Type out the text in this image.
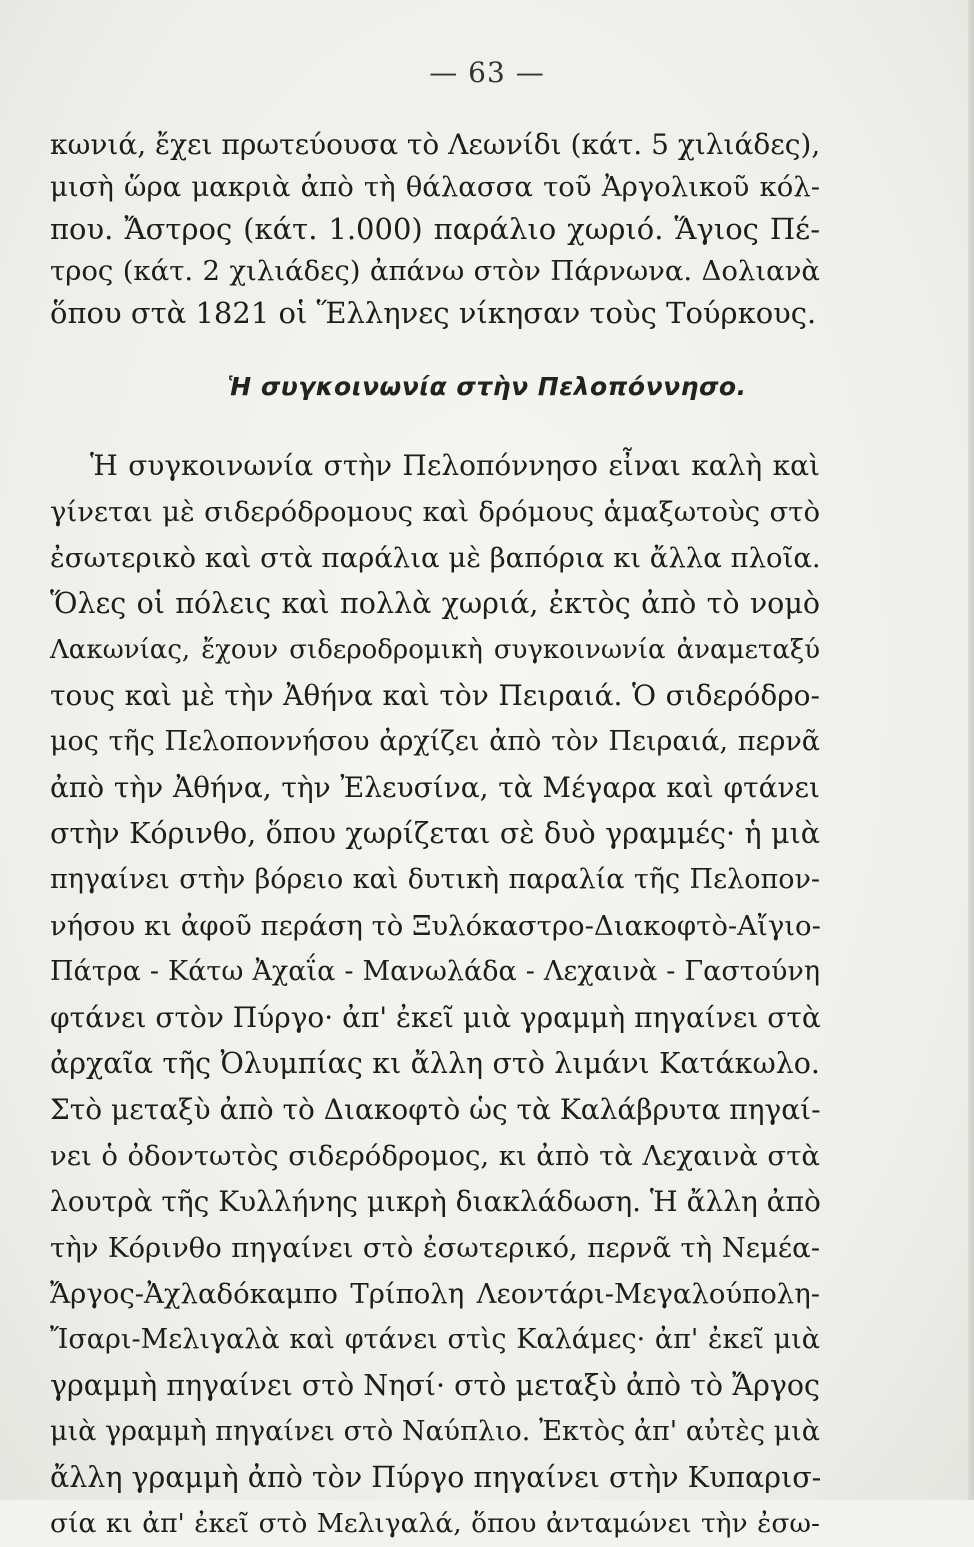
— 63 —
κωνιά, ἔχει πρωτεύουσα τὸ Λεωνίδι (κάτ. 5 χιλιάδες),
μισὴ ὥρα μακριὰ ἀπὸ τὴ θάλασσα τοῦ Ἀργολικοῦ κόλ-
που. Ἄστρος (κάτ. 1.000) παράλιο χωριό. Ἅγιος Πέ-
τρος (κάτ. 2 χιλιάδες) ἀπάνω στὸν Πάρνωνα. Δολιανὰ
ὅπου στὰ 1821 οἱ Ἕλληνες νίκησαν τοὺς Τούρκους.
Ἡ συγκοινωνία στὴν Πελοπόννησο.
Ἡ συγκοινωνία στὴν Πελοπόννησο εἶναι καλὴ καὶ
γίνεται μὲ σιδερόδρομους καὶ δρόμους ἁμαξωτοὺς στὸ
ἐσωτερικὸ καὶ στὰ παράλια μὲ βαπόρια κι ἄλλα πλοῖα.
Ὅλες οἱ πόλεις καὶ πολλὰ χωριά, ἐκτὸς ἀπὸ τὸ νομὸ
Λακωνίας, ἔχουν σιδεροδρομικὴ συγκοινωνία ἀναμεταξύ
τους καὶ μὲ τὴν Ἀθήνα καὶ τὸν Πειραιά. Ὁ σιδερόδρο-
μος τῆς Πελοποννήσου ἀρχίζει ἀπὸ τὸν Πειραιά, περνᾶ
ἀπὸ τὴν Ἀθήνα, τὴν Ἐλευσίνα, τὰ Μέγαρα καὶ φτάνει
στὴν Κόρινθο, ὅπου χωρίζεται σὲ δυὸ γραμμές· ἡ μιὰ
πηγαίνει στὴν βόρειο καὶ δυτικὴ παραλία τῆς Πελοπον-
νήσου κι ἀφοῦ περάση τὸ Ξυλόκαστρο-Διακοφτὸ-Αἴγιο-
Πάτρα - Κάτω Ἀχαΐα - Μανωλάδα - Λεχαινὰ - Γαστούνη
φτάνει στὸν Πύργο· ἀπ' ἐκεῖ μιὰ γραμμὴ πηγαίνει στὰ
ἀρχαῖα τῆς Ὀλυμπίας κι ἄλλη στὸ λιμάνι Κατάκωλο.
Στὸ μεταξὺ ἀπὸ τὸ Διακοφτὸ ὡς τὰ Καλάβρυτα πηγαί-
νει ὁ ὀδοντωτὸς σιδερόδρομος, κι ἀπὸ τὰ Λεχαινὰ στὰ
λουτρὰ τῆς Κυλλήνης μικρὴ διακλάδωση. Ἡ ἄλλη ἀπὸ
τὴν Κόρινθο πηγαίνει στὸ ἐσωτερικό, περνᾶ τὴ Νεμέα-
Ἄργος-Ἀχλαδόκαμπο Τρίπολη Λεοντάρι-Μεγαλούπολη-
Ἴσαρι-Μελιγαλὰ καὶ φτάνει στὶς Καλάμες· ἀπ' ἐκεῖ μιὰ
γραμμὴ πηγαίνει στὸ Νησί· στὸ μεταξὺ ἀπὸ τὸ Ἄργος
μιὰ γραμμὴ πηγαίνει στὸ Ναύπλιο. Ἐκτὸς ἀπ' αὐτὲς μιὰ
ἄλλη γραμμὴ ἀπὸ τὸν Πύργο πηγαίνει στὴν Κυπαρισ-
σία κι ἀπ' ἐκεῖ στὸ Μελιγαλά, ὅπου ἀνταμώνει τὴν ἐσω-
